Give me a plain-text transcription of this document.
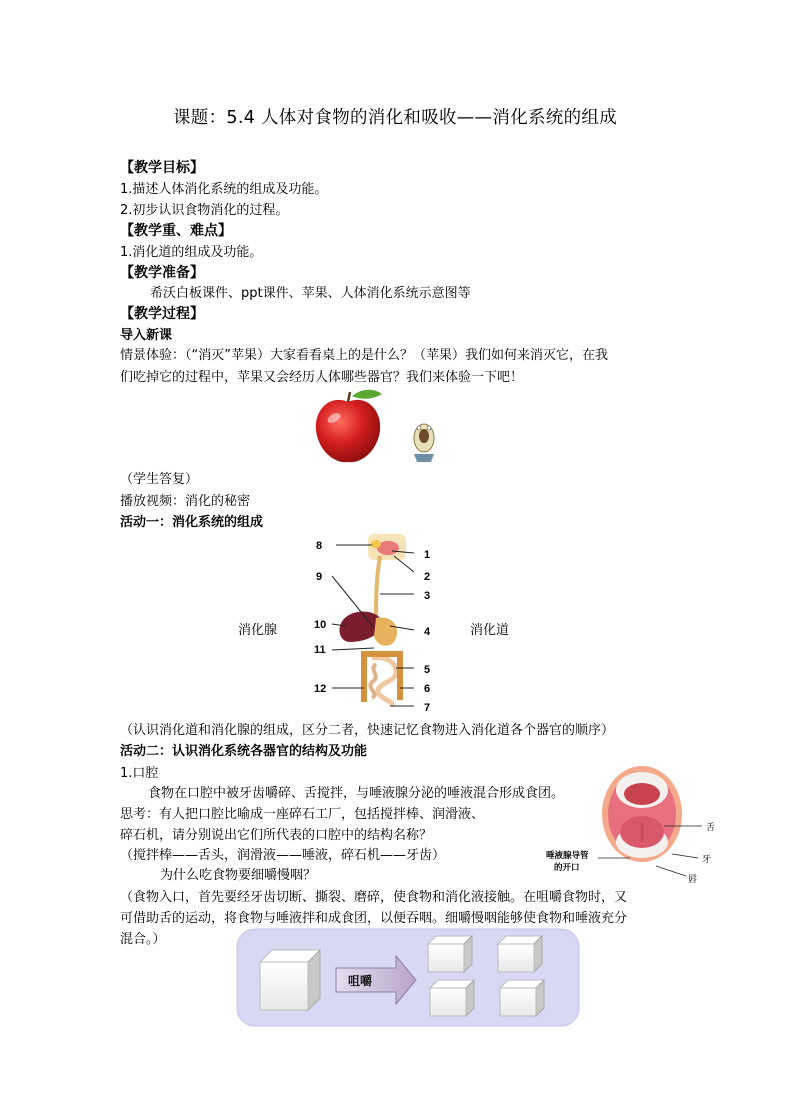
课题：5.4 人体对食物的消化和吸收——消化系统的组成
【教学目标】
1.描述人体消化系统的组成及功能。
2.初步认识食物消化的过程。
【教学重、难点】
1.消化道的组成及功能。
【教学准备】
希沃白板课件、ppt课件、苹果、人体消化系统示意图等
【教学过程】
导入新课
情景体验：（“消灭”苹果）大家看看桌上的是什么？（苹果）我们如何来消灭它，在我
们吃掉它的过程中，苹果又会经历人体哪些器官？我们来体验一下吧！
（学生答复）
播放视频：消化的秘密
活动一：消化系统的组成
消化腺	消化道
8
1
9	2
3
10
4
11
5
12	6
7
（认识消化道和消化腺的组成，区分二者，快速记忆食物进入消化道各个器官的顺序）
活动二：认识消化系统各器官的结构及功能
1.口腔
食物在口腔中被牙齿嚼碎、舌搅拌，与唾液腺分泌的唾液混合形成食团。
思考：有人把口腔比喻成一座碎石工厂，包括搅拌棒、润滑液、
碎石机，请分别说出它们所代表的口腔中的结构名称？
（搅拌棒——舌头，润滑液——唾液，碎石机——牙齿）
为什么吃食物要细嚼慢咽？
（食物入口，首先要经牙齿切断、撕裂、磨碎，使食物和消化液接触。在咀嚼食物时，又
可借助舌的运动，将食物与唾液拌和成食团，以便吞咽。细嚼慢咽能够使食物和唾液充分
混合。）
舌
牙
唇
唾液腺导管
的开口
咀嚼
